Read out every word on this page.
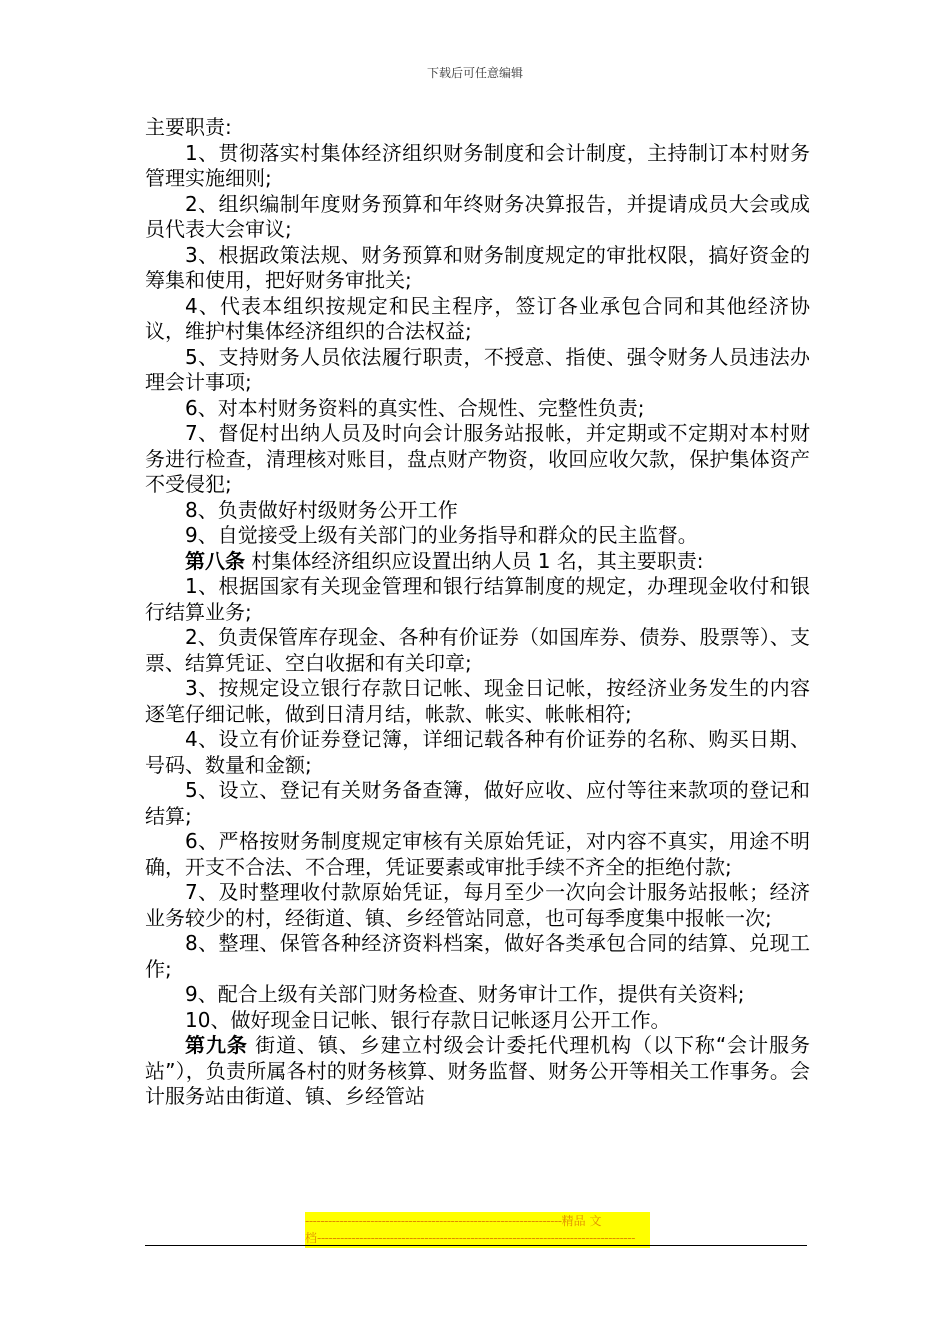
下载后可任意编辑

主要职责:

1、贯彻落实村集体经济组织财务制度和会计制度，主持制订本村财务管理实施细则;

2、组织编制年度财务预算和年终财务决算报告，并提请成员大会或成员代表大会审议;

3、根据政策法规、财务预算和财务制度规定的审批权限，搞好资金的筹集和使用，把好财务审批关;

4、代表本组织按规定和民主程序，签订各业承包合同和其他经济协议，维护村集体经济组织的合法权益;

5、支持财务人员依法履行职责，不授意、指使、强令财务人员违法办理会计事项;

6、对本村财务资料的真实性、合规性、完整性负责;

7、督促村出纳人员及时向会计服务站报帐，并定期或不定期对本村财务进行检查，清理核对账目，盘点财产物资，收回应收欠款，保护集体资产不受侵犯;

8、负责做好村级财务公开工作

9、自觉接受上级有关部门的业务指导和群众的民主监督。

第八条 村集体经济组织应设置出纳人员 1 名，其主要职责:

1、根据国家有关现金管理和银行结算制度的规定，办理现金收付和银行结算业务;

2、负责保管库存现金、各种有价证券（如国库券、债券、股票等）、支票、结算凭证、空白收据和有关印章;

3、按规定设立银行存款日记帐、现金日记帐，按经济业务发生的内容逐笔仔细记帐，做到日清月结，帐款、帐实、帐帐相符;

4、设立有价证券登记簿，详细记载各种有价证券的名称、购买日期、号码、数量和金额;

5、设立、登记有关财务备查簿，做好应收、应付等往来款项的登记和结算;

6、严格按财务制度规定审核有关原始凭证，对内容不真实，用途不明确，开支不合法、不合理，凭证要素或审批手续不齐全的拒绝付款;

7、及时整理收付款原始凭证，每月至少一次向会计服务站报帐；经济业务较少的村，经街道、镇、乡经管站同意，也可每季度集中报帐一次;

8、整理、保管各种经济资料档案，做好各类承包合同的结算、兑现工作;

9、配合上级有关部门财务检查、财务审计工作，提供有关资料;

10、做好现金日记帐、银行存款日记帐逐月公开工作。

第九条 街道、镇、乡建立村级会计委托代理机构（以下称“会计服务站”），负责所属各村的财务核算、财务监督、财务公开等相关工作事务。会计服务站由街道、镇、乡经管站

-------------------------------------------------------------------精品 文
档-----------------------------------------------------------------------------------
